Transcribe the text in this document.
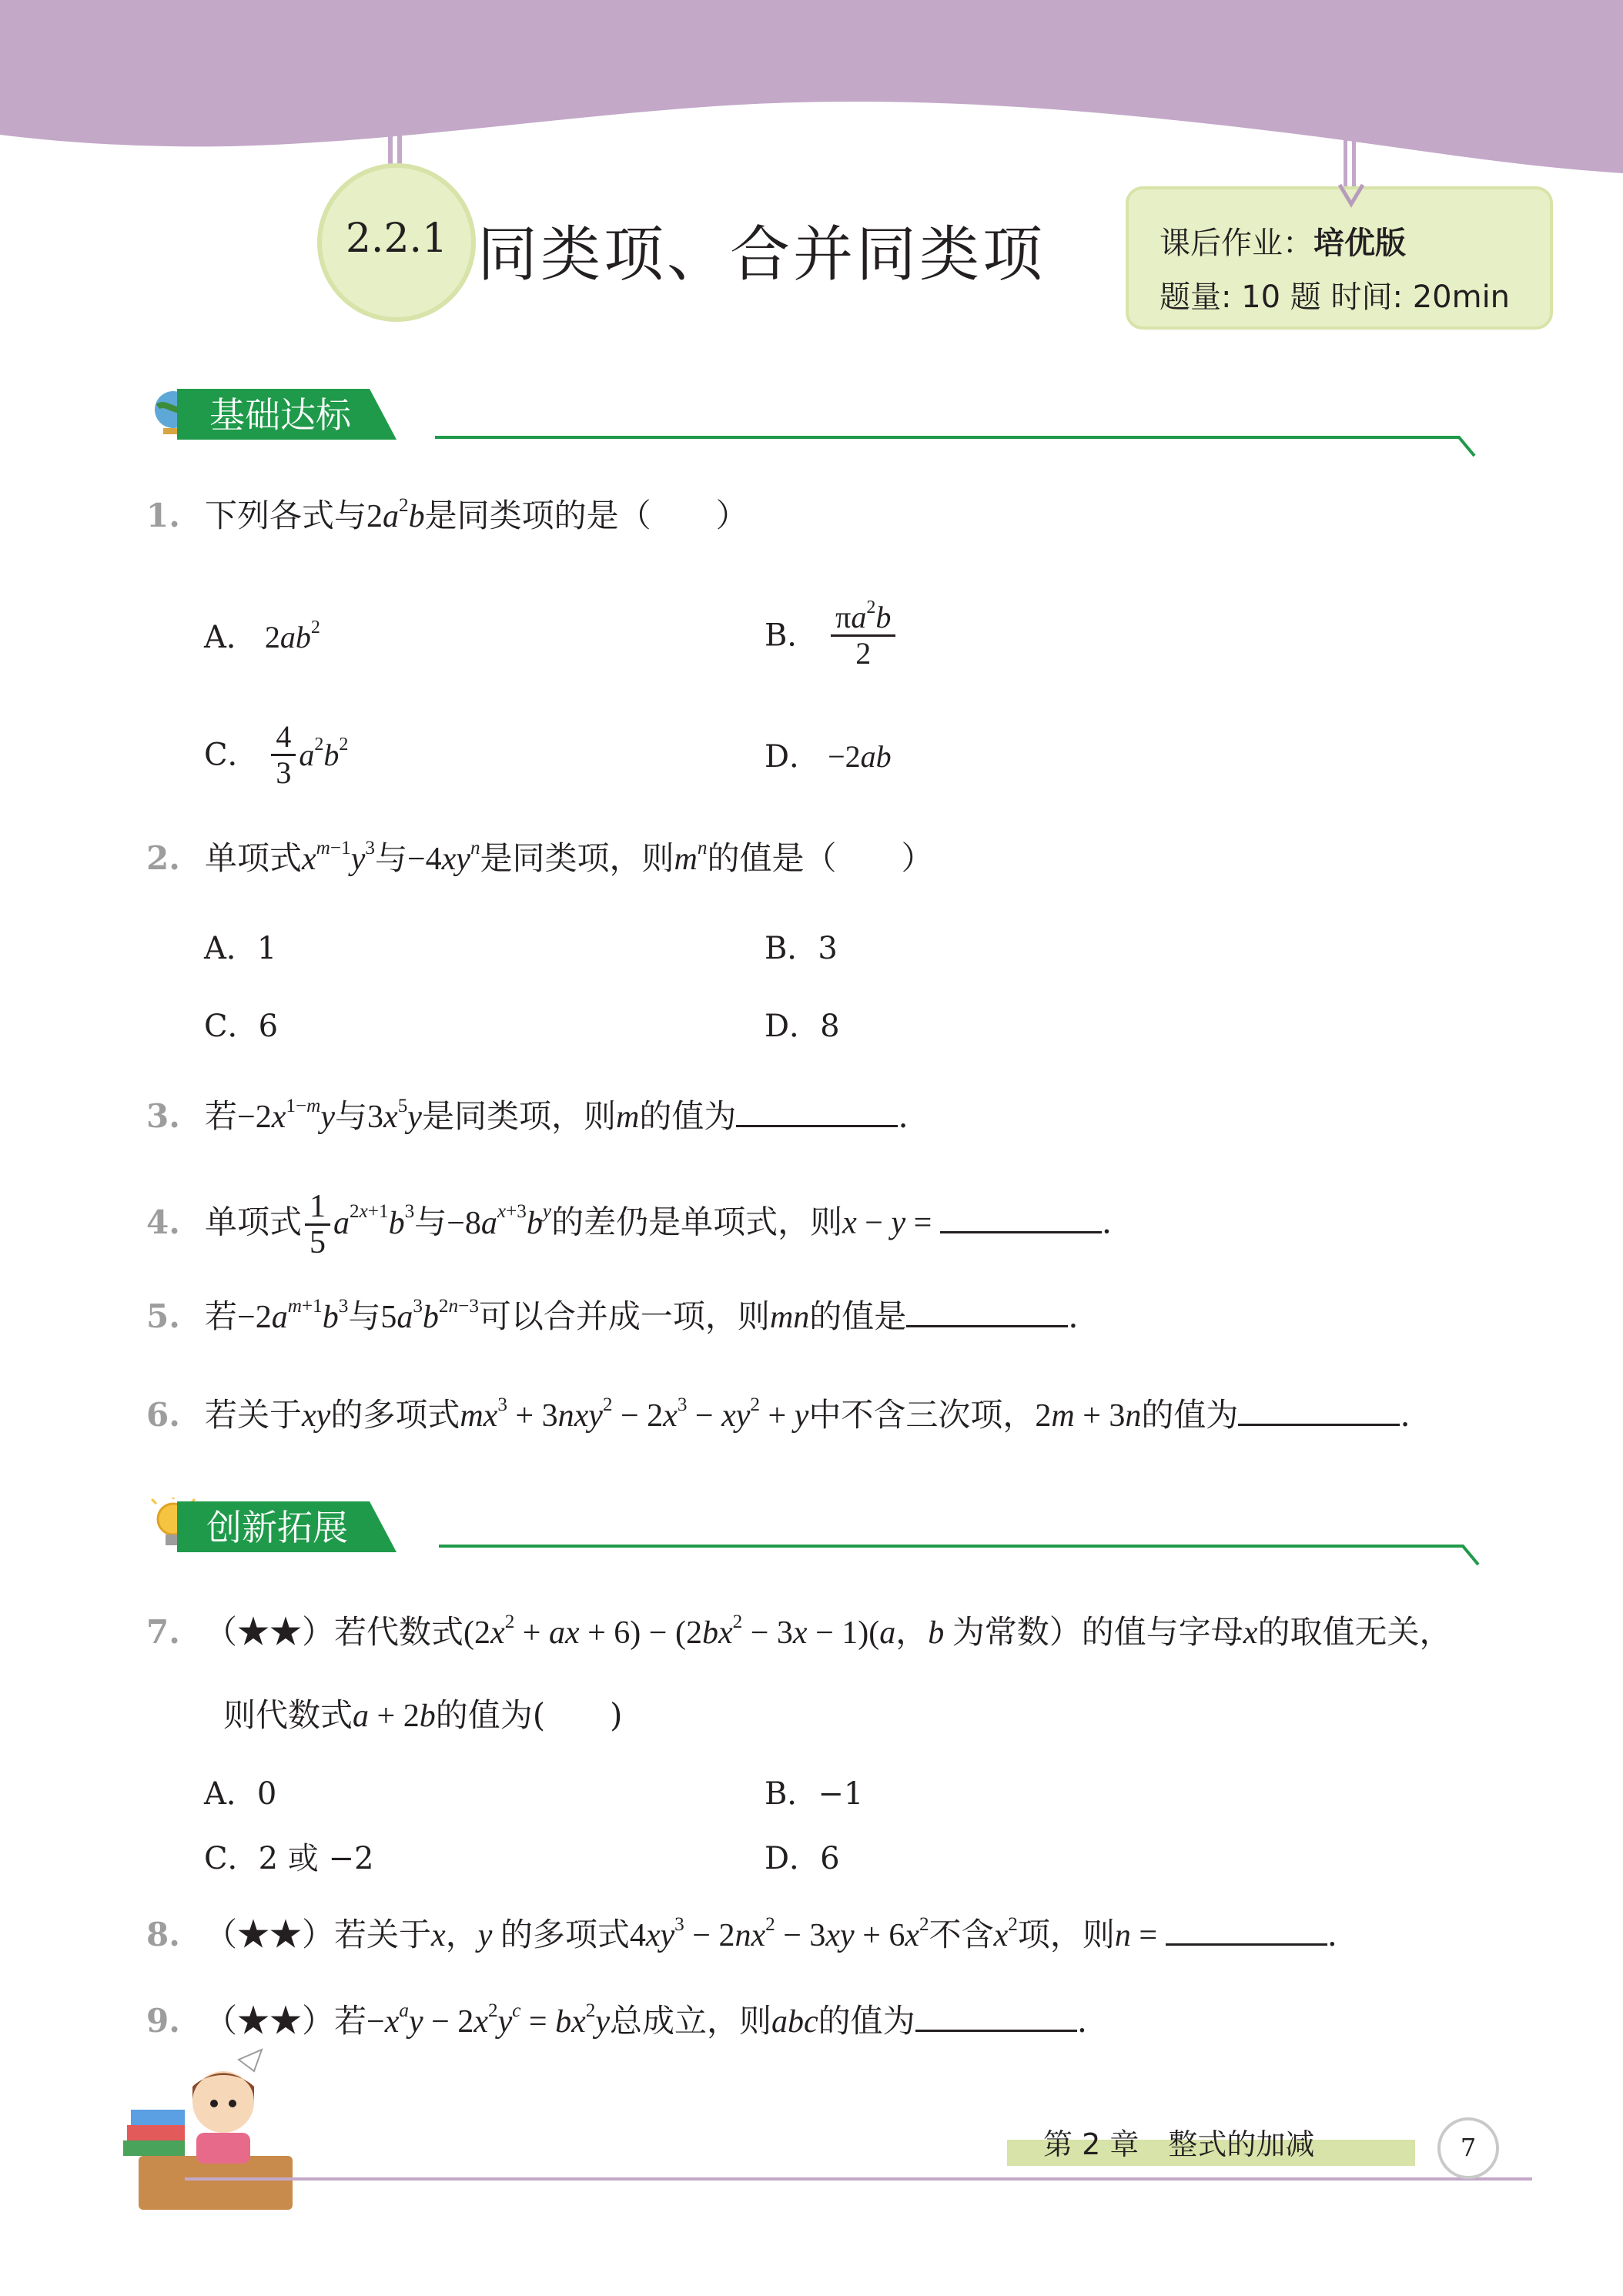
2.2.1 同类项、合并同类项	课后作业：培优版
题量: 10 题 时间: 20min
基础达标
1. 下列各式与$2a^2b$是同类项的是（　　）
A． $2ab^2$	B． $\frac{\pi a^2b}{2}$
C． $\frac{4}{3} a^2b^2$	D． −2ab
2. 单项式$x^{m-1}y^3$与$-4xy^n$是同类项，则$m^n$的值是（　　）
A．1	B．3
C．6	D．8
3. 若$-2x^{1-m}y$与$3x^5y$是同类项，则m的值为	.
4. 单项式 $\frac{1}{5} a^{2x+1}b^3$与$-8a^{x+3}b^y$的差仍是单项式，则x − y =	.
5. 若$-2a^{m+1}b^3$与$5a^3b^{2n-3}$可以合并成一项，则mn的值是	.
6. 若关于xy的多项式$mx^3 + 3nxy^2 - 2x^3 - xy^2 + y$中不含三次项，2m + 3n的值为	.
创新拓展
7. （★★）若代数式($2x^2$ + ax + $6) - (2bx^2 - 3x - 1)(a$，b 为常数）的值与字母x的取值无关，
则代数式a + 2b的值为(　　)
A．0	B．−1
C．2 或 −2	D．6
8. （★★）若关于x，y 的多项式$4xy^3 - 2nx^2 - 3xy + 6x^2$不含$x^2$项，则n =	.
9. （★★）若$-x^ay - 2x^2y^c = bx^2y$总成立，则abc的值为	.
第 2 章　整式的加减	7
